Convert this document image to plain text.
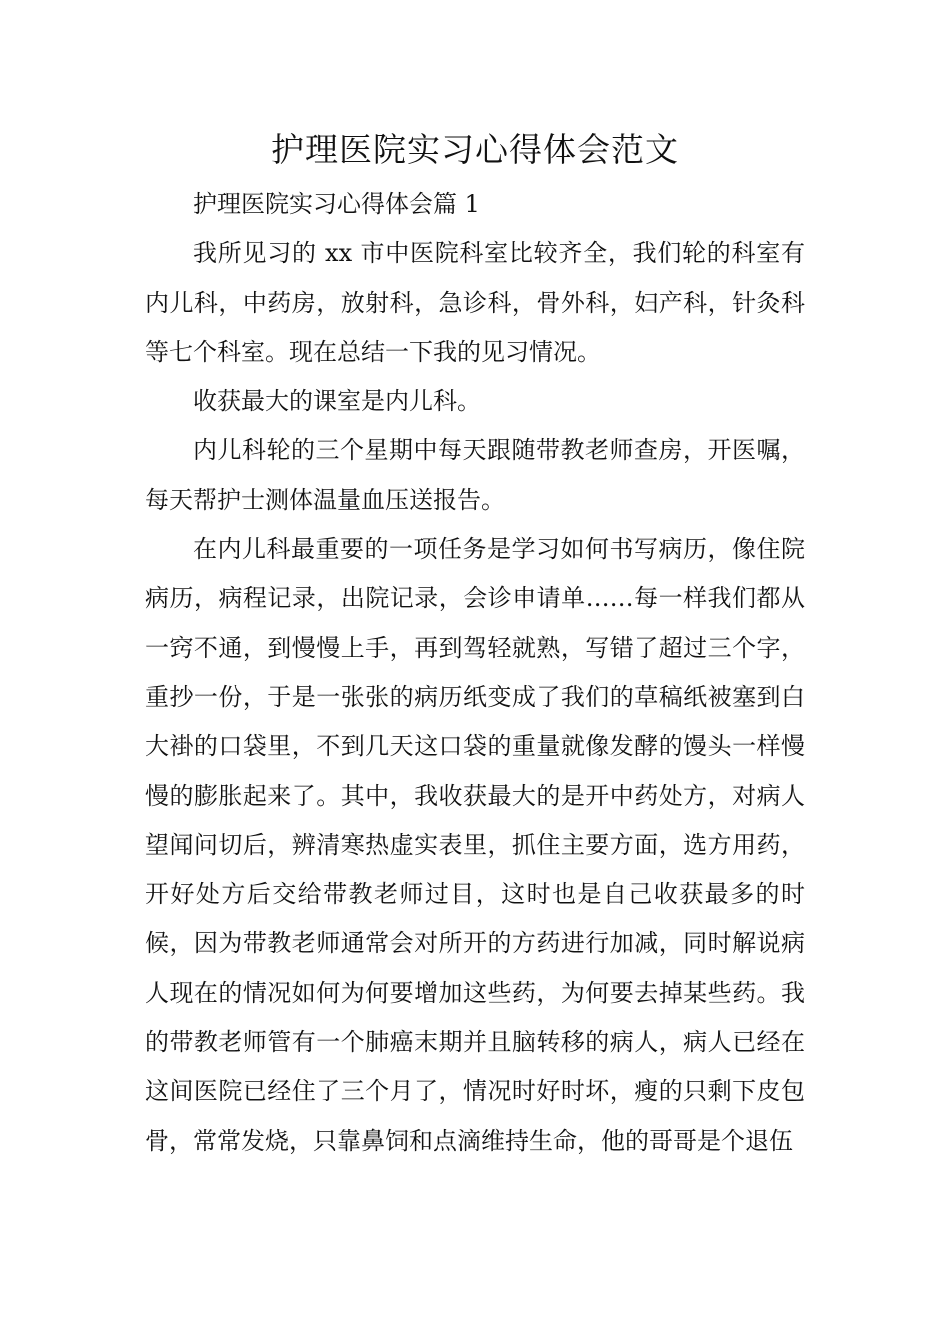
护理医院实习心得体会范文

护理医院实习心得体会篇 1

我所见习的 xx 市中医院科室比较齐全，我们轮的科室有内儿科，中药房，放射科，急诊科，骨外科，妇产科，针灸科等七个科室。现在总结一下我的见习情况。

收获最大的课室是内儿科。

内儿科轮的三个星期中每天跟随带教老师查房，开医嘱，每天帮护士测体温量血压送报告。

在内儿科最重要的一项任务是学习如何书写病历，像住院病历，病程记录，出院记录，会诊申请单……每一样我们都从一窍不通，到慢慢上手，再到驾轻就熟，写错了超过三个字，重抄一份，于是一张张的病历纸变成了我们的草稿纸被塞到白大褂的口袋里，不到几天这口袋的重量就像发酵的馒头一样慢慢的膨胀起来了。其中，我收获最大的是开中药处方，对病人望闻问切后，辨清寒热虚实表里，抓住主要方面，选方用药，开好处方后交给带教老师过目，这时也是自己收获最多的时候，因为带教老师通常会对所开的方药进行加减，同时解说病人现在的情况如何为何要增加这些药，为何要去掉某些药。我的带教老师管有一个肺癌末期并且脑转移的病人，病人已经在这间医院已经住了三个月了，情况时好时坏，瘦的只剩下皮包骨，常常发烧，只靠鼻饲和点滴维持生命，他的哥哥是个退伍
